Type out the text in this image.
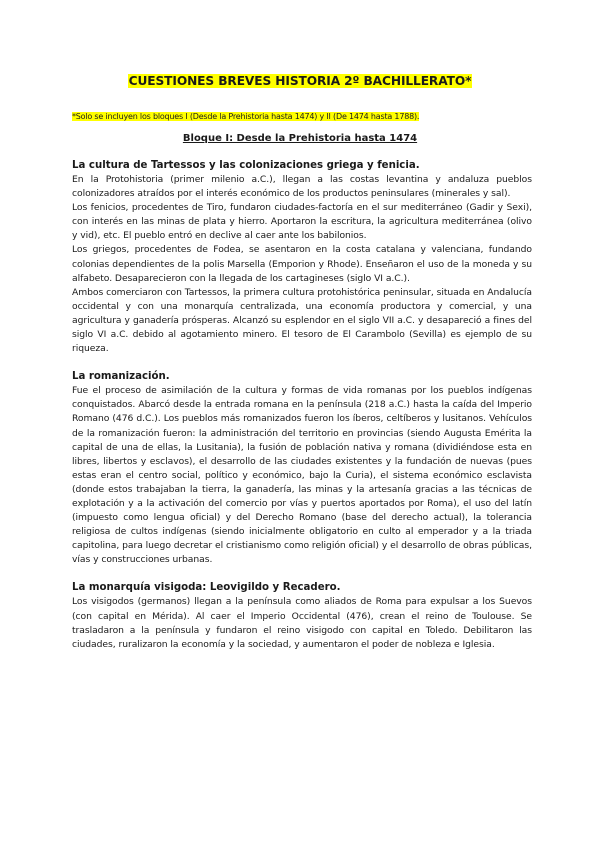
CUESTIONES BREVES HISTORIA 2º BACHILLERATO*
*Solo se incluyen los bloques I (Desde la Prehistoria hasta 1474) y II (De 1474 hasta 1788).
Bloque I: Desde la Prehistoria hasta 1474

La cultura de Tartessos y las colonizaciones griega y fenicia.

En la Protohistoria (primer milenio a.C.), llegan a las costas levantina y andaluza pueblos colonizadores atraídos por el interés económico de los productos peninsulares (minerales y sal).

Los fenicios, procedentes de Tiro, fundaron ciudades-factoría en el sur mediterráneo (Gadir y Sexi), con interés en las minas de plata y hierro. Aportaron la escritura, la agricultura mediterránea (olivo y vid), etc. El pueblo entró en declive al caer ante los babilonios.

Los griegos, procedentes de Fodea, se asentaron en la costa catalana y valenciana, fundando colonias dependientes de la polis Marsella (Emporion y Rhode). Enseñaron el uso de la moneda y su alfabeto. Desaparecieron con la llegada de los cartagineses (siglo VI a.C.).

Ambos comerciaron con Tartessos, la primera cultura protohistórica peninsular, situada en Andalucía occidental y con una monarquía centralizada, una economía productora y comercial, y una agricultura y ganadería prósperas. Alcanzó su esplendor en el siglo VII a.C. y desapareció a fines del siglo VI a.C. debido al agotamiento minero. El tesoro de El Carambolo (Sevilla) es ejemplo de su riqueza.

La romanización.

Fue el proceso de asimilación de la cultura y formas de vida romanas por los pueblos indígenas conquistados. Abarcó desde la entrada romana en la península (218 a.C.) hasta la caída del Imperio Romano (476 d.C.). Los pueblos más romanizados fueron los íberos, celtíberos y lusitanos. Vehículos de la romanización fueron: la administración del territorio en provincias (siendo Augusta Emérita la capital de una de ellas, la Lusitania), la fusión de población nativa y romana (dividiéndose esta en libres, libertos y esclavos), el desarrollo de las ciudades existentes y la fundación de nuevas (pues estas eran el centro social, político y económico, bajo la Curia), el sistema económico esclavista (donde estos trabajaban la tierra, la ganadería, las minas y la artesanía gracias a las técnicas de explotación y a la activación del comercio por vías y puertos aportados por Roma), el uso del latín (impuesto como lengua oficial) y del Derecho Romano (base del derecho actual), la tolerancia religiosa de cultos indígenas (siendo inicialmente obligatorio en culto al emperador y a la triada capitolina, para luego decretar el cristianismo como religión oficial) y el desarrollo de obras públicas, vías y construcciones urbanas.

La monarquía visigoda: Leovigildo y Recadero.

Los visigodos (germanos) llegan a la península como aliados de Roma para expulsar a los Suevos (con capital en Mérida). Al caer el Imperio Occidental (476), crean el reino de Toulouse. Se trasladaron a la península y fundaron el reino visigodo con capital en Toledo. Debilitaron las ciudades, ruralizaron la economía y la sociedad, y aumentaron el poder de nobleza e Iglesia.
